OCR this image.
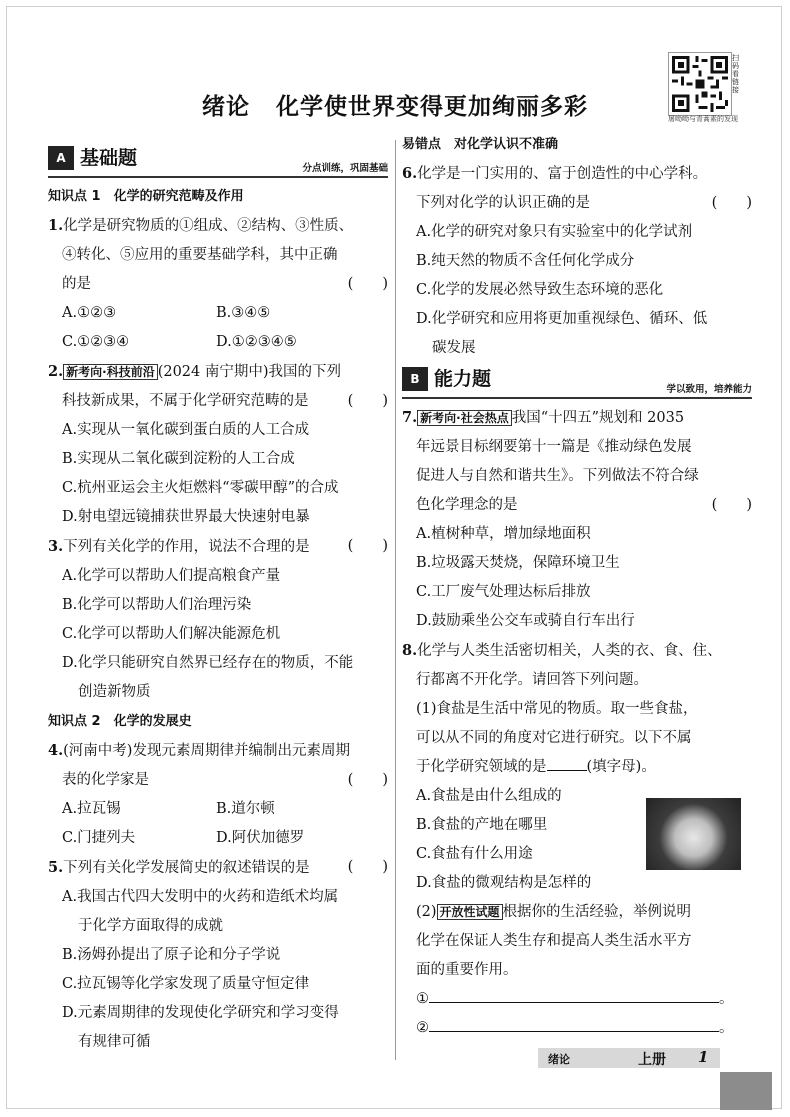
绪论 化学使世界变得更加绚丽多彩
扫码看链接
屠呦呦与青蒿素的发现
A 基础题	分点训练，巩固基础
知识点 1　化学的研究范畴及作用
1.化学是研究物质的①组成、②结构、③性质、
④转化、⑤应用的重要基础学科，其中正确
的是	(　　)
A.①②③	B.③④⑤
C.①②③④	D.①②③④⑤
2. 新考向·科技前沿 (2024 南宁期中)我国的下列
科技新成果，不属于化学研究范畴的是	(　　)
A.实现从一氧化碳到蛋白质的人工合成
B.实现从二氧化碳到淀粉的人工合成
C.杭州亚运会主火炬燃料“零碳甲醇”的合成
D.射电望远镜捕获世界最大快速射电暴
3.下列有关化学的作用，说法不合理的是	(　　)
A.化学可以帮助人们提高粮食产量
B.化学可以帮助人们治理污染
C.化学可以帮助人们解决能源危机
D.化学只能研究自然界已经存在的物质，不能
创造新物质
知识点 2　化学的发展史
4.(河南中考)发现元素周期律并编制出元素周期
表的化学家是	(　　)
A.拉瓦锡	B.道尔顿
C.门捷列夫	D.阿伏加德罗
5.下列有关化学发展简史的叙述错误的是	(　　)
A.我国古代四大发明中的火药和造纸术均属
于化学方面取得的成就
B.汤姆孙提出了原子论和分子学说
C.拉瓦锡等化学家发现了质量守恒定律
D.元素周期律的发现使化学研究和学习变得
有规律可循
易错点　对化学认识不准确
6.化学是一门实用的、富于创造性的中心学科。
下列对化学的认识正确的是	(　　)
A.化学的研究对象只有实验室中的化学试剂
B.纯天然的物质不含任何化学成分
C.化学的发展必然导致生态环境的恶化
D.化学研究和应用将更加重视绿色、循环、低
碳发展
B 能力题	学以致用，培养能力
7. 新考向·社会热点 我国“十四五”规划和 2035
年远景目标纲要第十一篇是《推动绿色发展
促进人与自然和谐共生》。下列做法不符合绿
色化学理念的是	(　　)
A.植树种草，增加绿地面积
B.垃圾露天焚烧，保障环境卫生
C.工厂废气处理达标后排放
D.鼓励乘坐公交车或骑自行车出行
8.化学与人类生活密切相关，人类的衣、食、住、
行都离不开化学。请回答下列问题。
(1)食盐是生活中常见的物质。取一些食盐，
可以从不同的角度对它进行研究。以下不属
于化学研究领域的是	(填字母)。
A.食盐是由什么组成的
B.食盐的产地在哪里
C.食盐有什么用途
D.食盐的微观结构是怎样的
(2) 开放性试题 根据你的生活经验，举例说明
化学在保证人类生存和提高人类生活水平方
面的重要作用。
①	。
②	。
绪论	上册 1
